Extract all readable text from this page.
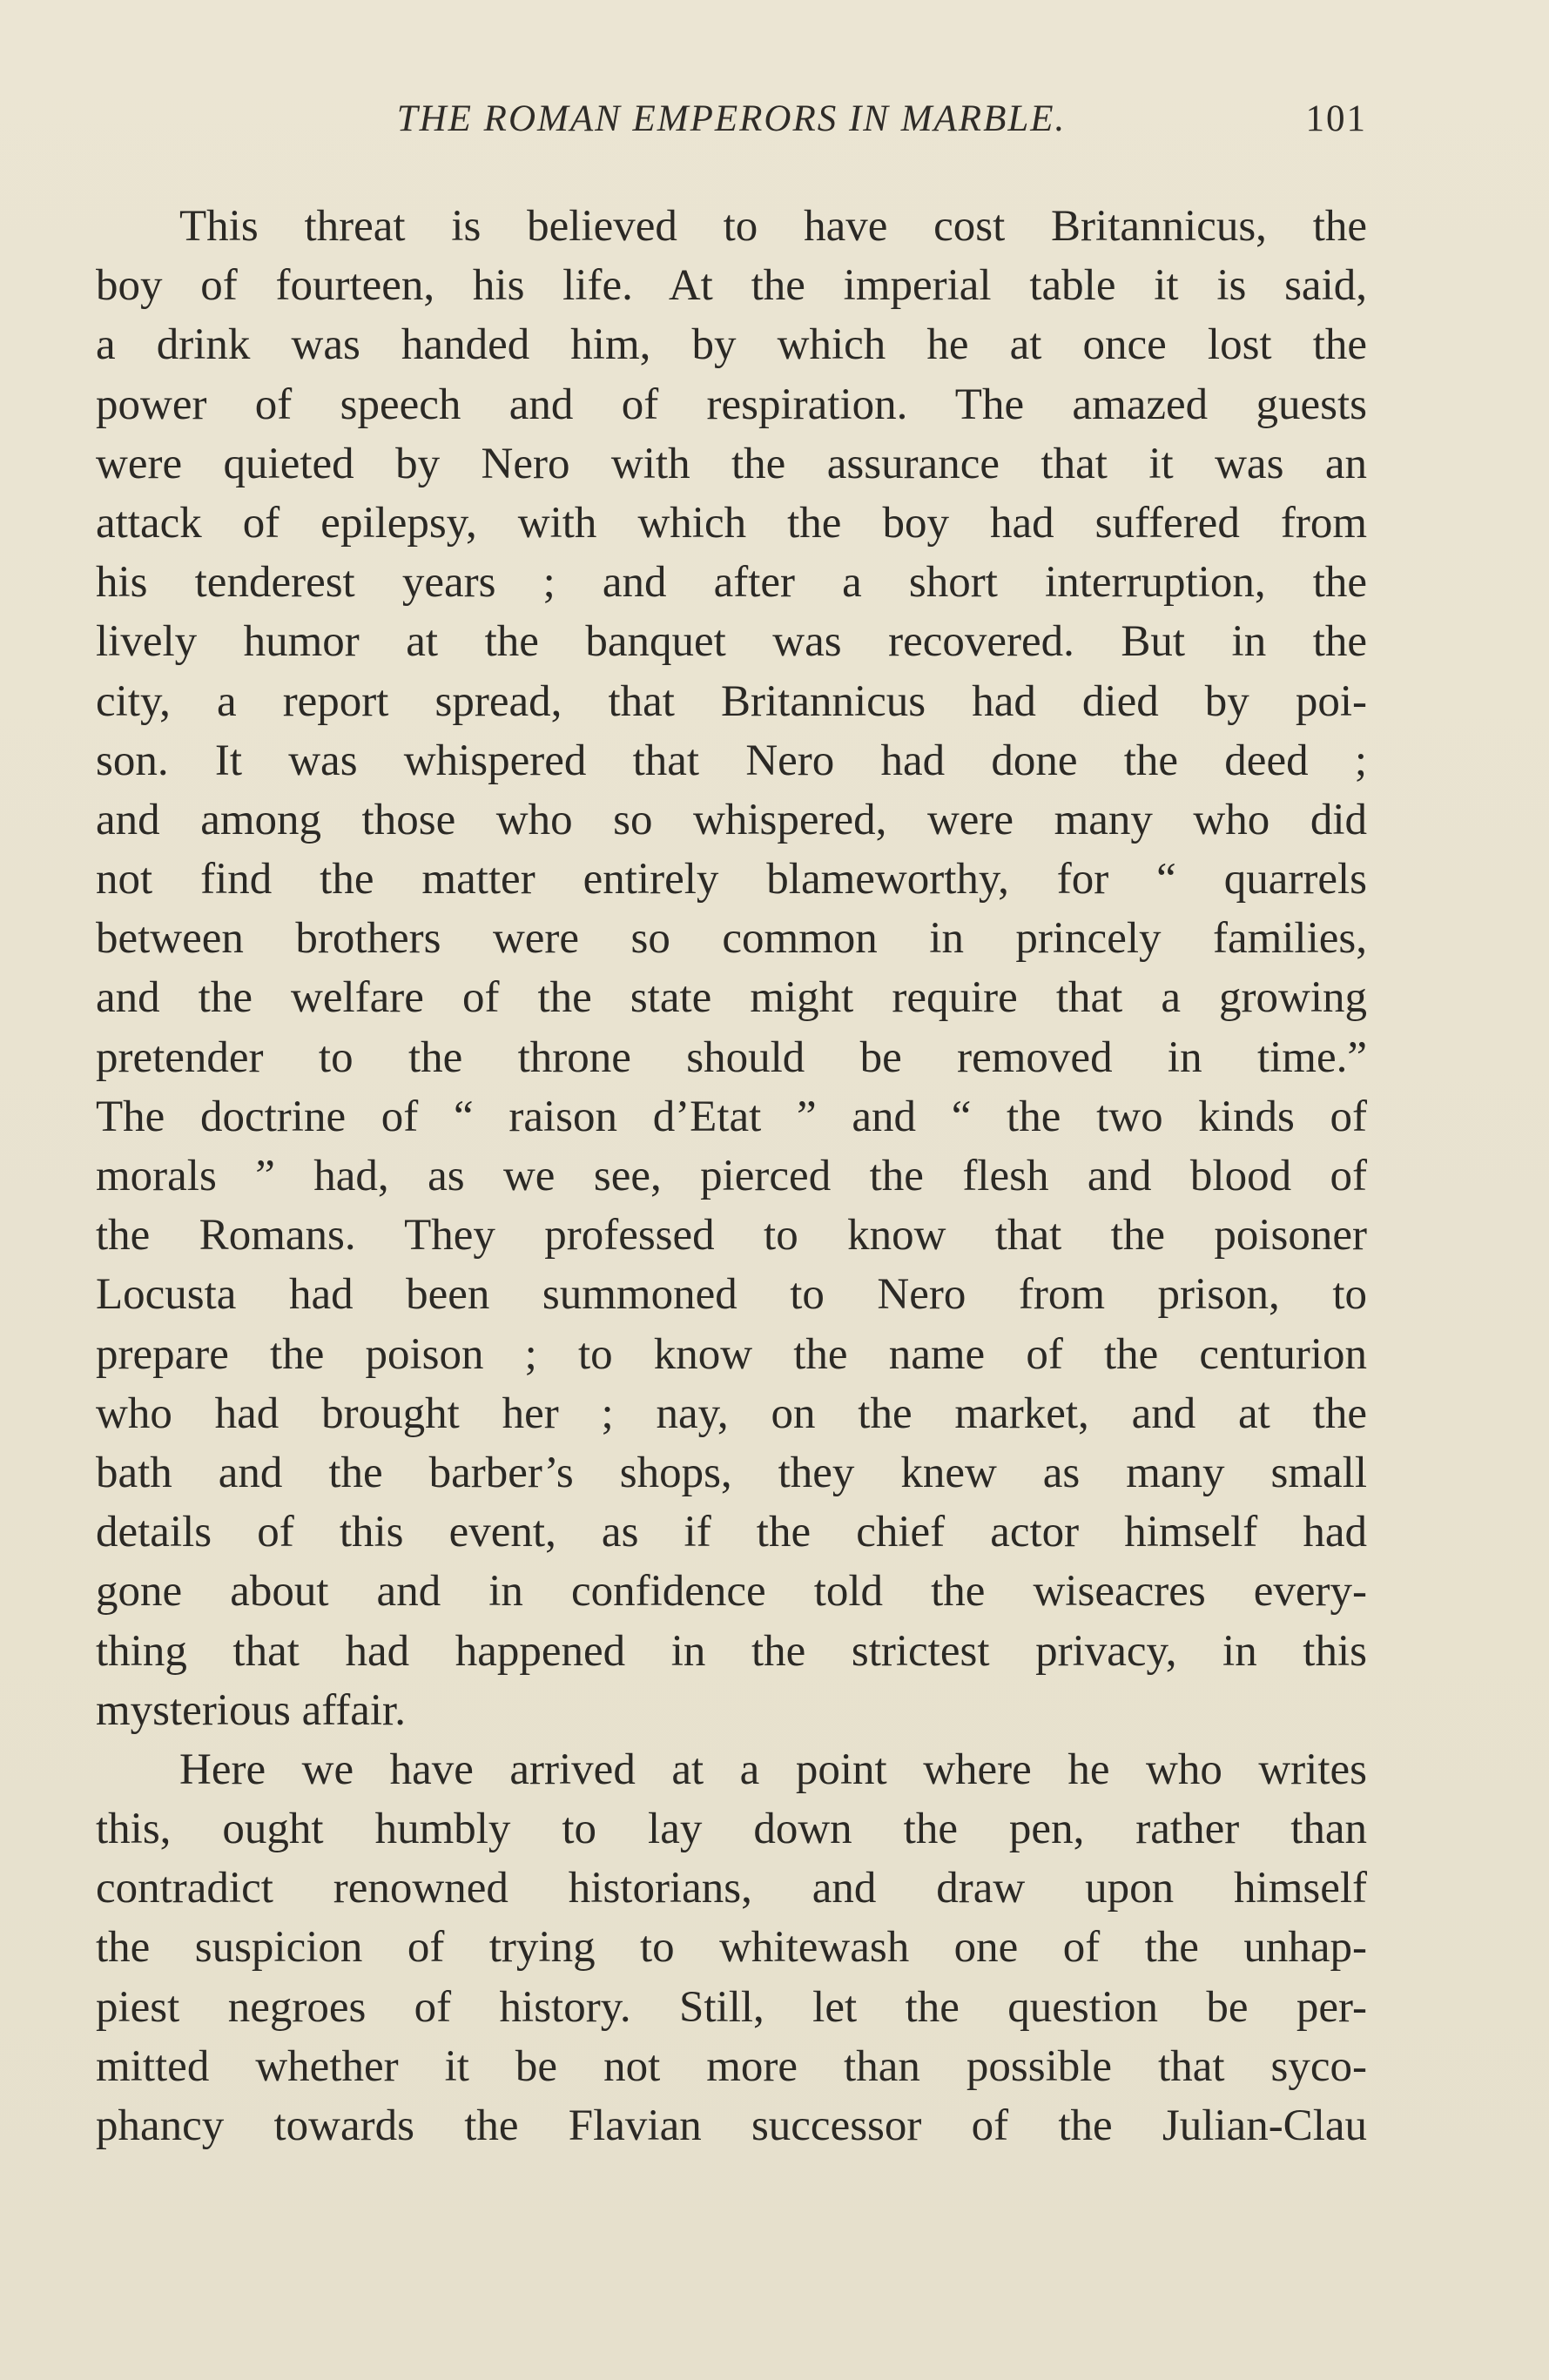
THE ROMAN EMPERORS IN MARBLE.	101
This threat is believed to have cost Britannicus, the
boy of fourteen, his life. At the imperial table it is said,
a drink was handed him, by which he at once lost the
power of speech and of respiration. The amazed guests
were quieted by Nero with the assurance that it was an
attack of epilepsy, with which the boy had suffered from
his tenderest years ; and after a short interruption, the
lively humor at the banquet was recovered. But in the
city, a report spread, that Britannicus had died by poi-
son. It was whispered that Nero had done the deed ;
and among those who so whispered, were many who did
not find the matter entirely blameworthy, for “ quarrels
between brothers were so common in princely families,
and the welfare of the state might require that a growing
pretender to the throne should be removed in time.”
The doctrine of “ raison d’Etat ” and “ the two kinds of
morals ” had, as we see, pierced the flesh and blood of
the Romans. They professed to know that the poisoner
Locusta had been summoned to Nero from prison, to
prepare the poison ; to know the name of the centurion
who had brought her ; nay, on the market, and at the
bath and the barber’s shops, they knew as many small
details of this event, as if the chief actor himself had
gone about and in confidence told the wiseacres every-
thing that had happened in the strictest privacy, in this
mysterious affair.
Here we have arrived at a point where he who writes
this, ought humbly to lay down the pen, rather than
contradict renowned historians, and draw upon himself
the suspicion of trying to whitewash one of the unhap-
piest negroes of history. Still, let the question be per-
mitted whether it be not more than possible that syco-
phancy towards the Flavian successor of the Julian-Clau
